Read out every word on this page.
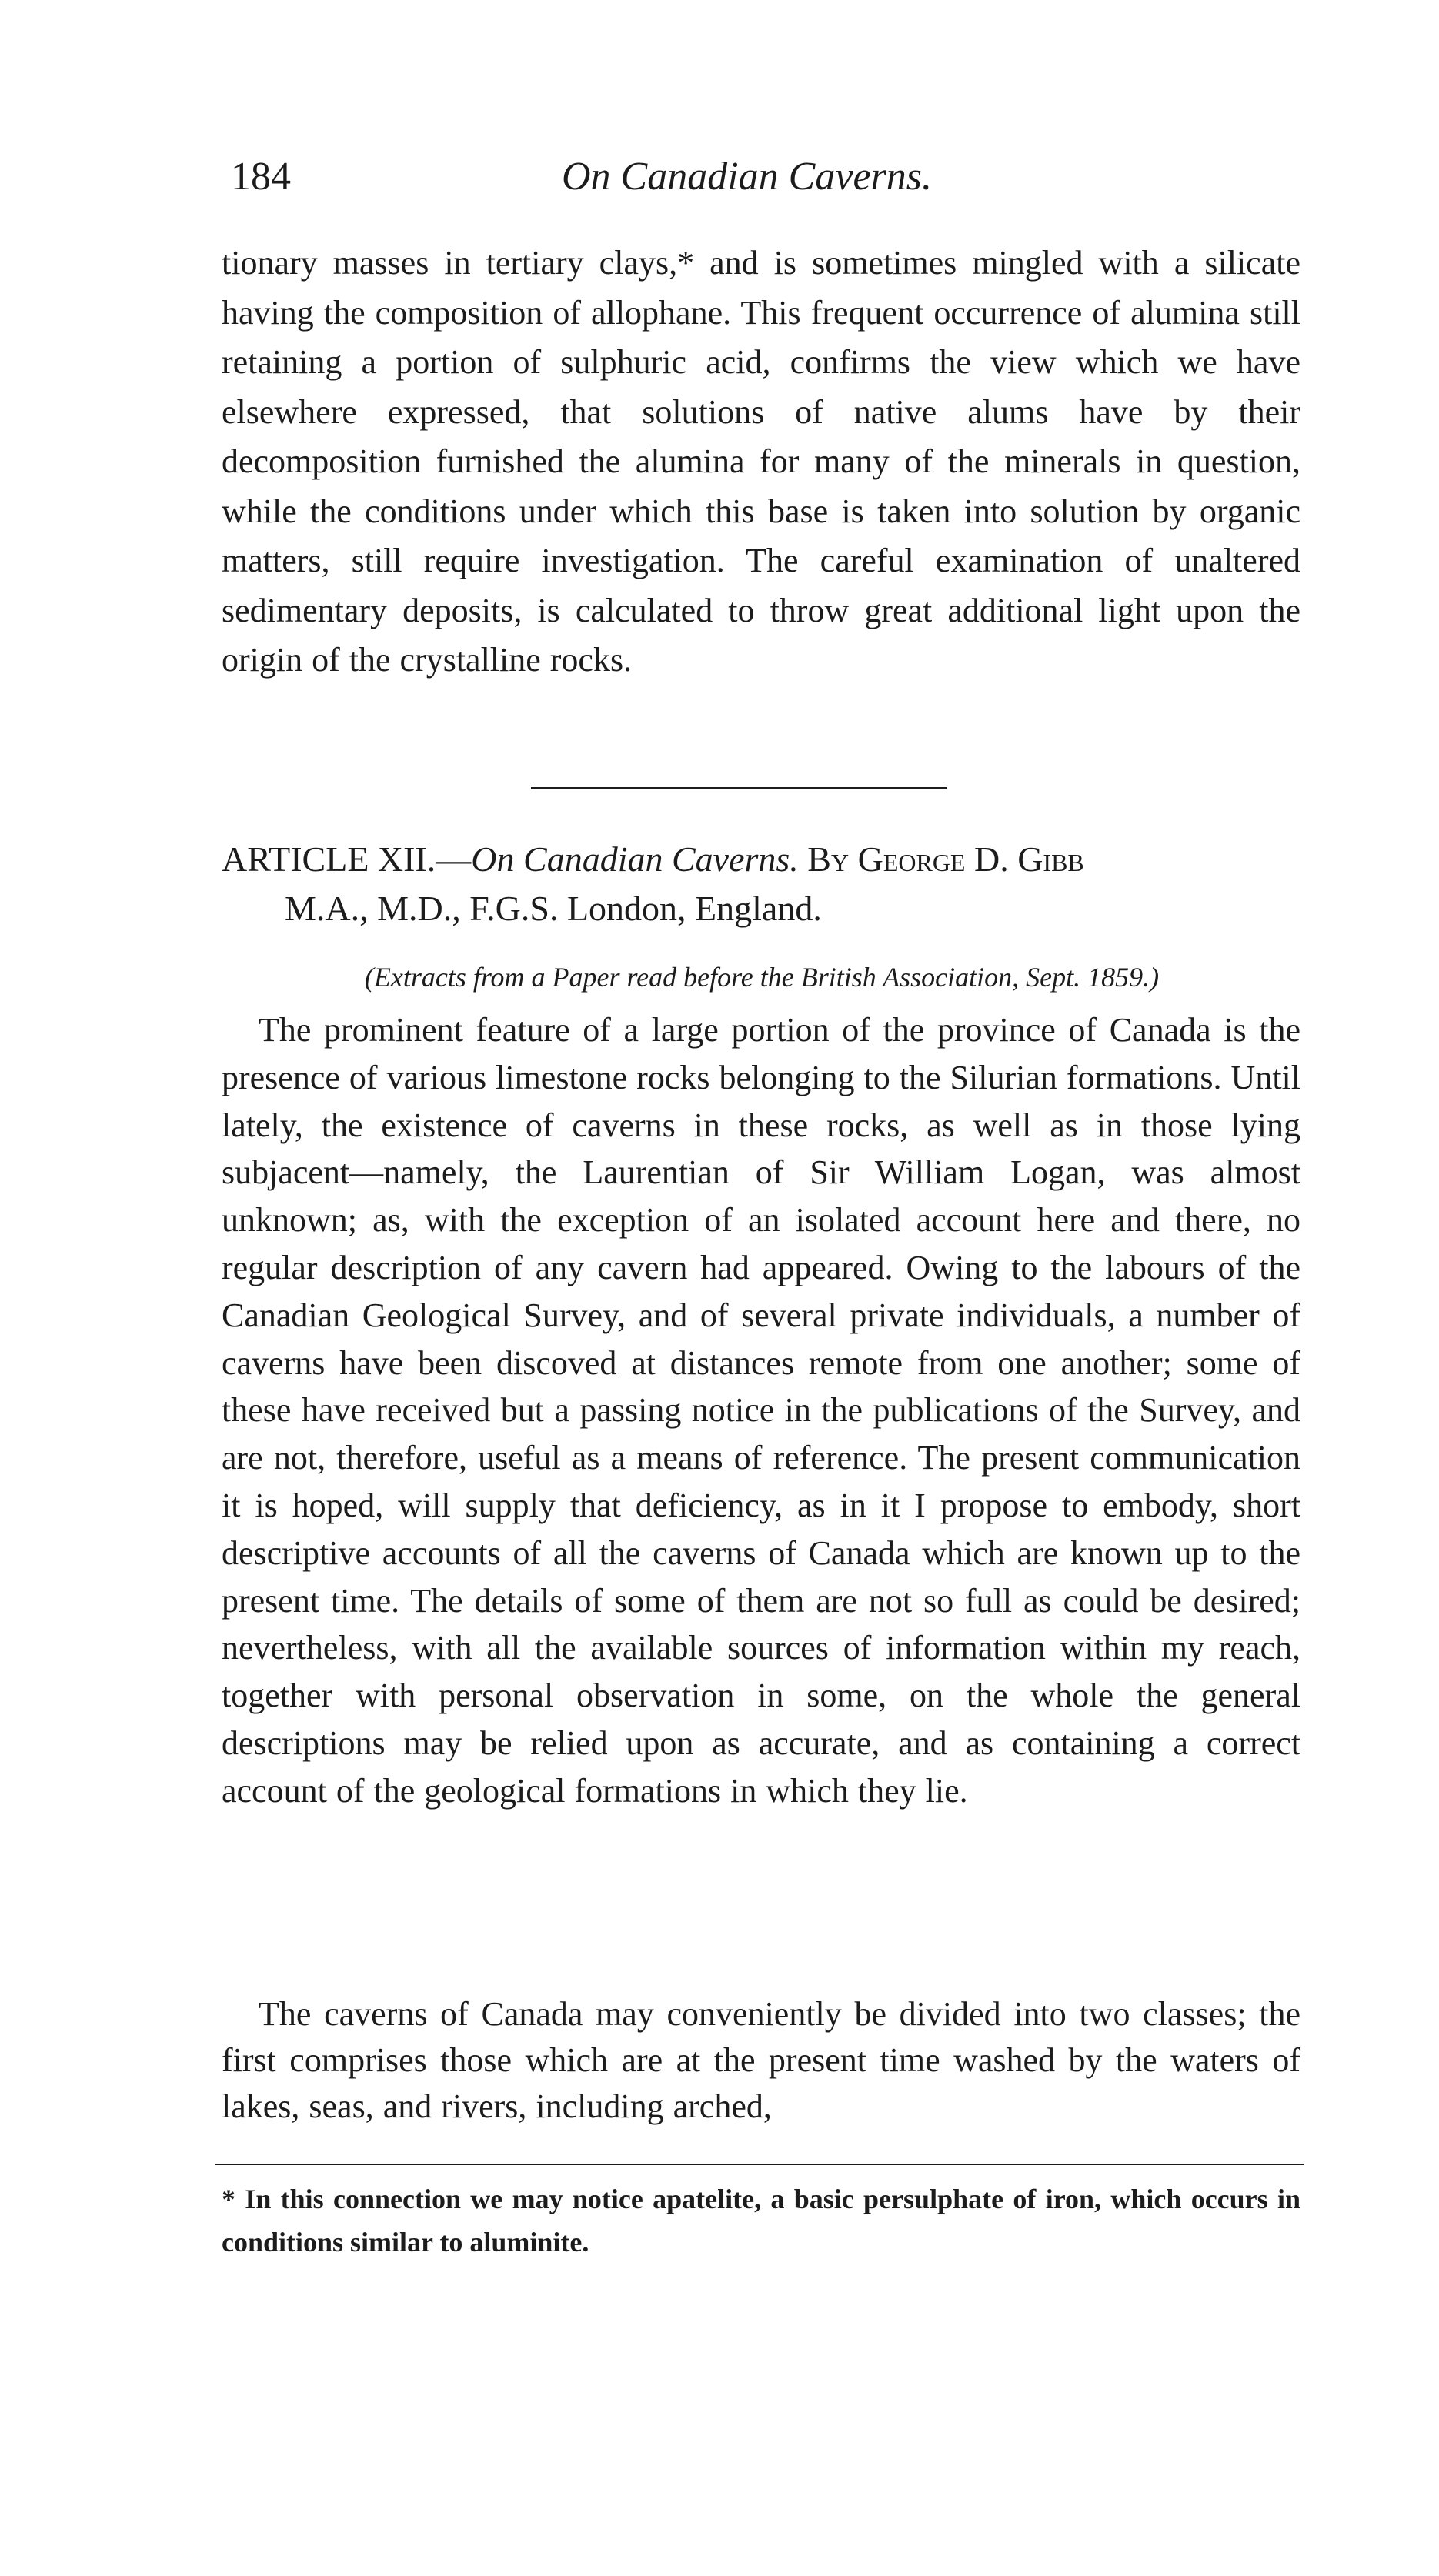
184	On Canadian Caverns.

tionary masses in tertiary clays,* and is sometimes mingled with a silicate having the composition of allophane. This frequent occurrence of alumina still retaining a portion of sulphuric acid, confirms the view which we have elsewhere expressed, that solutions of native alums have by their decomposition furnished the alumina for many of the minerals in question, while the conditions under which this base is taken into solution by organic matters, still require investigation. The careful examination of unaltered sedimentary deposits, is calculated to throw great additional light upon the origin of the crystalline rocks.

ARTICLE XII.—On Canadian Caverns. By George D. Gibb
M.A., M.D., F.G.S. London, England.
(Extracts from a Paper read before the British Association, Sept. 1859.)

The prominent feature of a large portion of the province of Canada is the presence of various limestone rocks belonging to the Silurian formations. Until lately, the existence of caverns in these rocks, as well as in those lying subjacent—namely, the Laurentian of Sir William Logan, was almost unknown; as, with the exception of an isolated account here and there, no regular description of any cavern had appeared. Owing to the labours of the Canadian Geological Survey, and of several private individuals, a number of caverns have been discoved at distances remote from one another; some of these have received but a passing notice in the publications of the Survey, and are not, therefore, useful as a means of reference. The present communication it is hoped, will supply that deficiency, as in it I propose to embody, short descriptive accounts of all the caverns of Canada which are known up to the present time. The details of some of them are not so full as could be desired; nevertheless, with all the available sources of information within my reach, together with personal observation in some, on the whole the general descriptions may be relied upon as accurate, and as containing a correct account of the geological formations in which they lie.

The caverns of Canada may conveniently be divided into two classes; the first comprises those which are at the present time washed by the waters of lakes, seas, and rivers, including arched,

* In this connection we may notice apatelite, a basic persulphate of iron, which occurs in conditions similar to aluminite.
